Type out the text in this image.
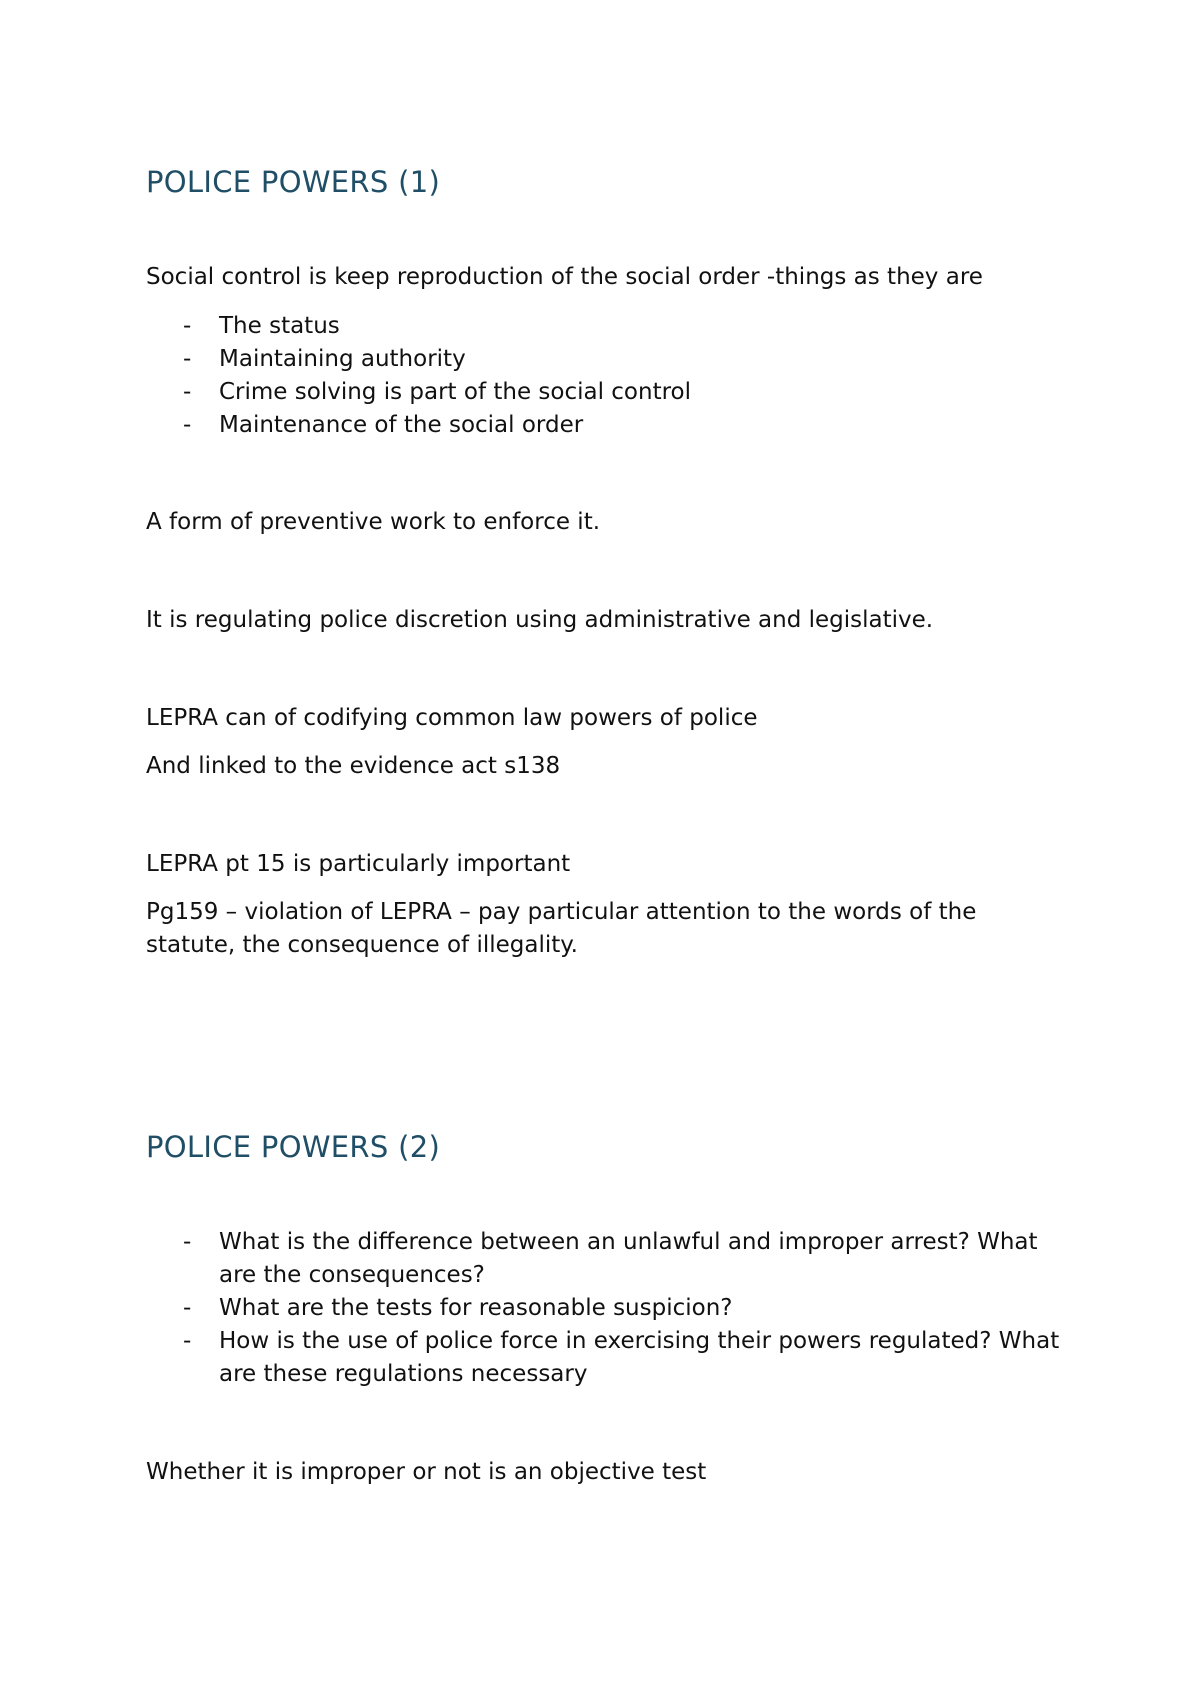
POLICE POWERS (1)
Social control is keep reproduction of the social order -things as they are
- The status
- Maintaining authority
- Crime solving is part of the social control
- Maintenance of the social order
A form of preventive work to enforce it.
It is regulating police discretion using administrative and legislative.
LEPRA can of codifying common law powers of police
And linked to the evidence act s138
LEPRA pt 15 is particularly important
Pg159 – violation of LEPRA – pay particular attention to the words of the statute, the consequence of illegality.
POLICE POWERS (2)
- What is the difference between an unlawful and improper arrest? What are the consequences?
- What are the tests for reasonable suspicion?
- How is the use of police force in exercising their powers regulated? What are these regulations necessary
Whether it is improper or not is an objective test
